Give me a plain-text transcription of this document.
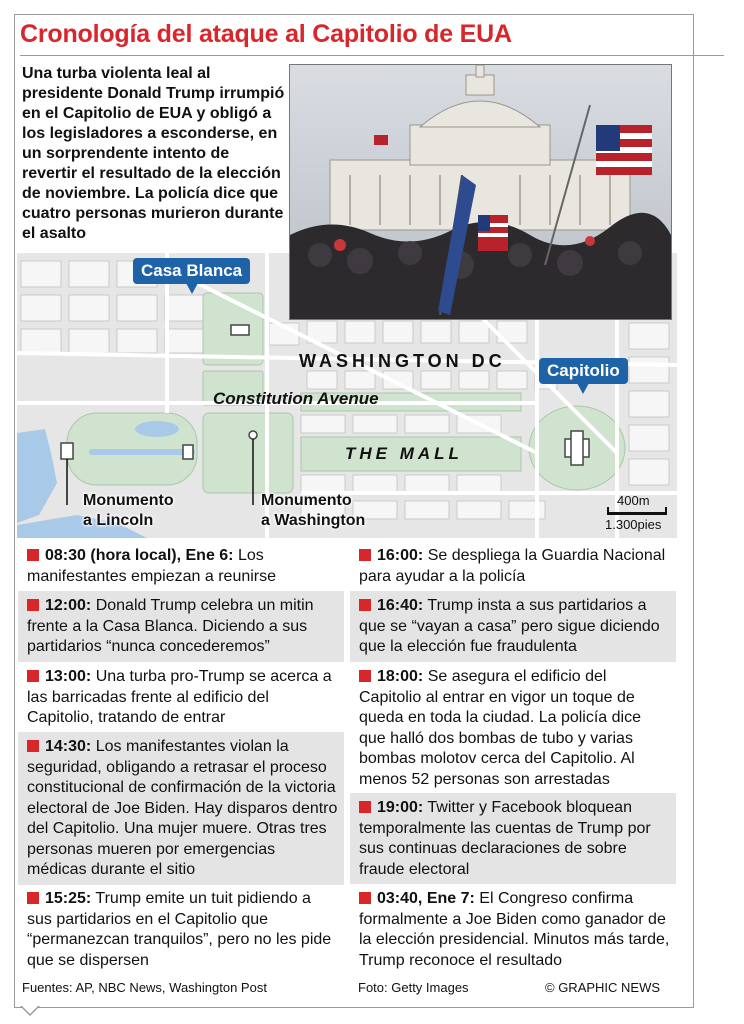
Cronología del ataque al Capitolio de EUA
Una turba violenta leal al presidente Donald Trump irrumpió en el Capitolio de EUA y obligó a los legisladores a esconderse, en un sorprendente intento de revertir el resultado de la elección de noviembre. La policía dice que cuatro personas murieron durante el asalto
Casa Blanca
Capitolio
WASHINGTON DC
Constitution Avenue
THE MALL
Monumento
a Lincoln
Monumento
a Washington
400m
1.300pies
08:30 (hora local), Ene 6: Los manifestantes empiezan a reunirse
12:00: Donald Trump celebra un mitin frente a la Casa Blanca. Diciendo a sus partidarios “nunca concederemos”
13:00: Una turba pro-Trump se acerca a las barricadas frente al edificio del Capitolio, tratando de entrar
14:30: Los manifestantes violan la seguridad, obligando a retrasar el proceso constitucional de confirmación de la victoria electoral de Joe Biden. Hay disparos dentro del Capitolio. Una mujer muere. Otras tres personas mueren por emergencias médicas durante el sitio
15:25: Trump emite un tuit pidiendo a sus partidarios en el Capitolio que “permanezcan tranquilos”, pero no les pide que se dispersen
16:00: Se despliega la Guardia Nacional para ayudar a la policía
16:40: Trump insta a sus partidarios a que se “vayan a casa” pero sigue diciendo que la elección fue fraudulenta
18:00: Se asegura el edificio del Capitolio al entrar en vigor un toque de queda en toda la ciudad. La policía dice que halló dos bombas de tubo y varias bombas molotov cerca del Capitolio. Al menos 52 personas son arrestadas
19:00: Twitter y Facebook bloquean temporalmente las cuentas de Trump por sus continuas declaraciones de sobre fraude electoral
03:40, Ene 7: El Congreso confirma formalmente a Joe Biden como ganador de la elección presidencial. Minutos más tarde, Trump reconoce el resultado
Fuentes: AP, NBC News, Washington Post	Foto: Getty Images	© GRAPHIC NEWS
